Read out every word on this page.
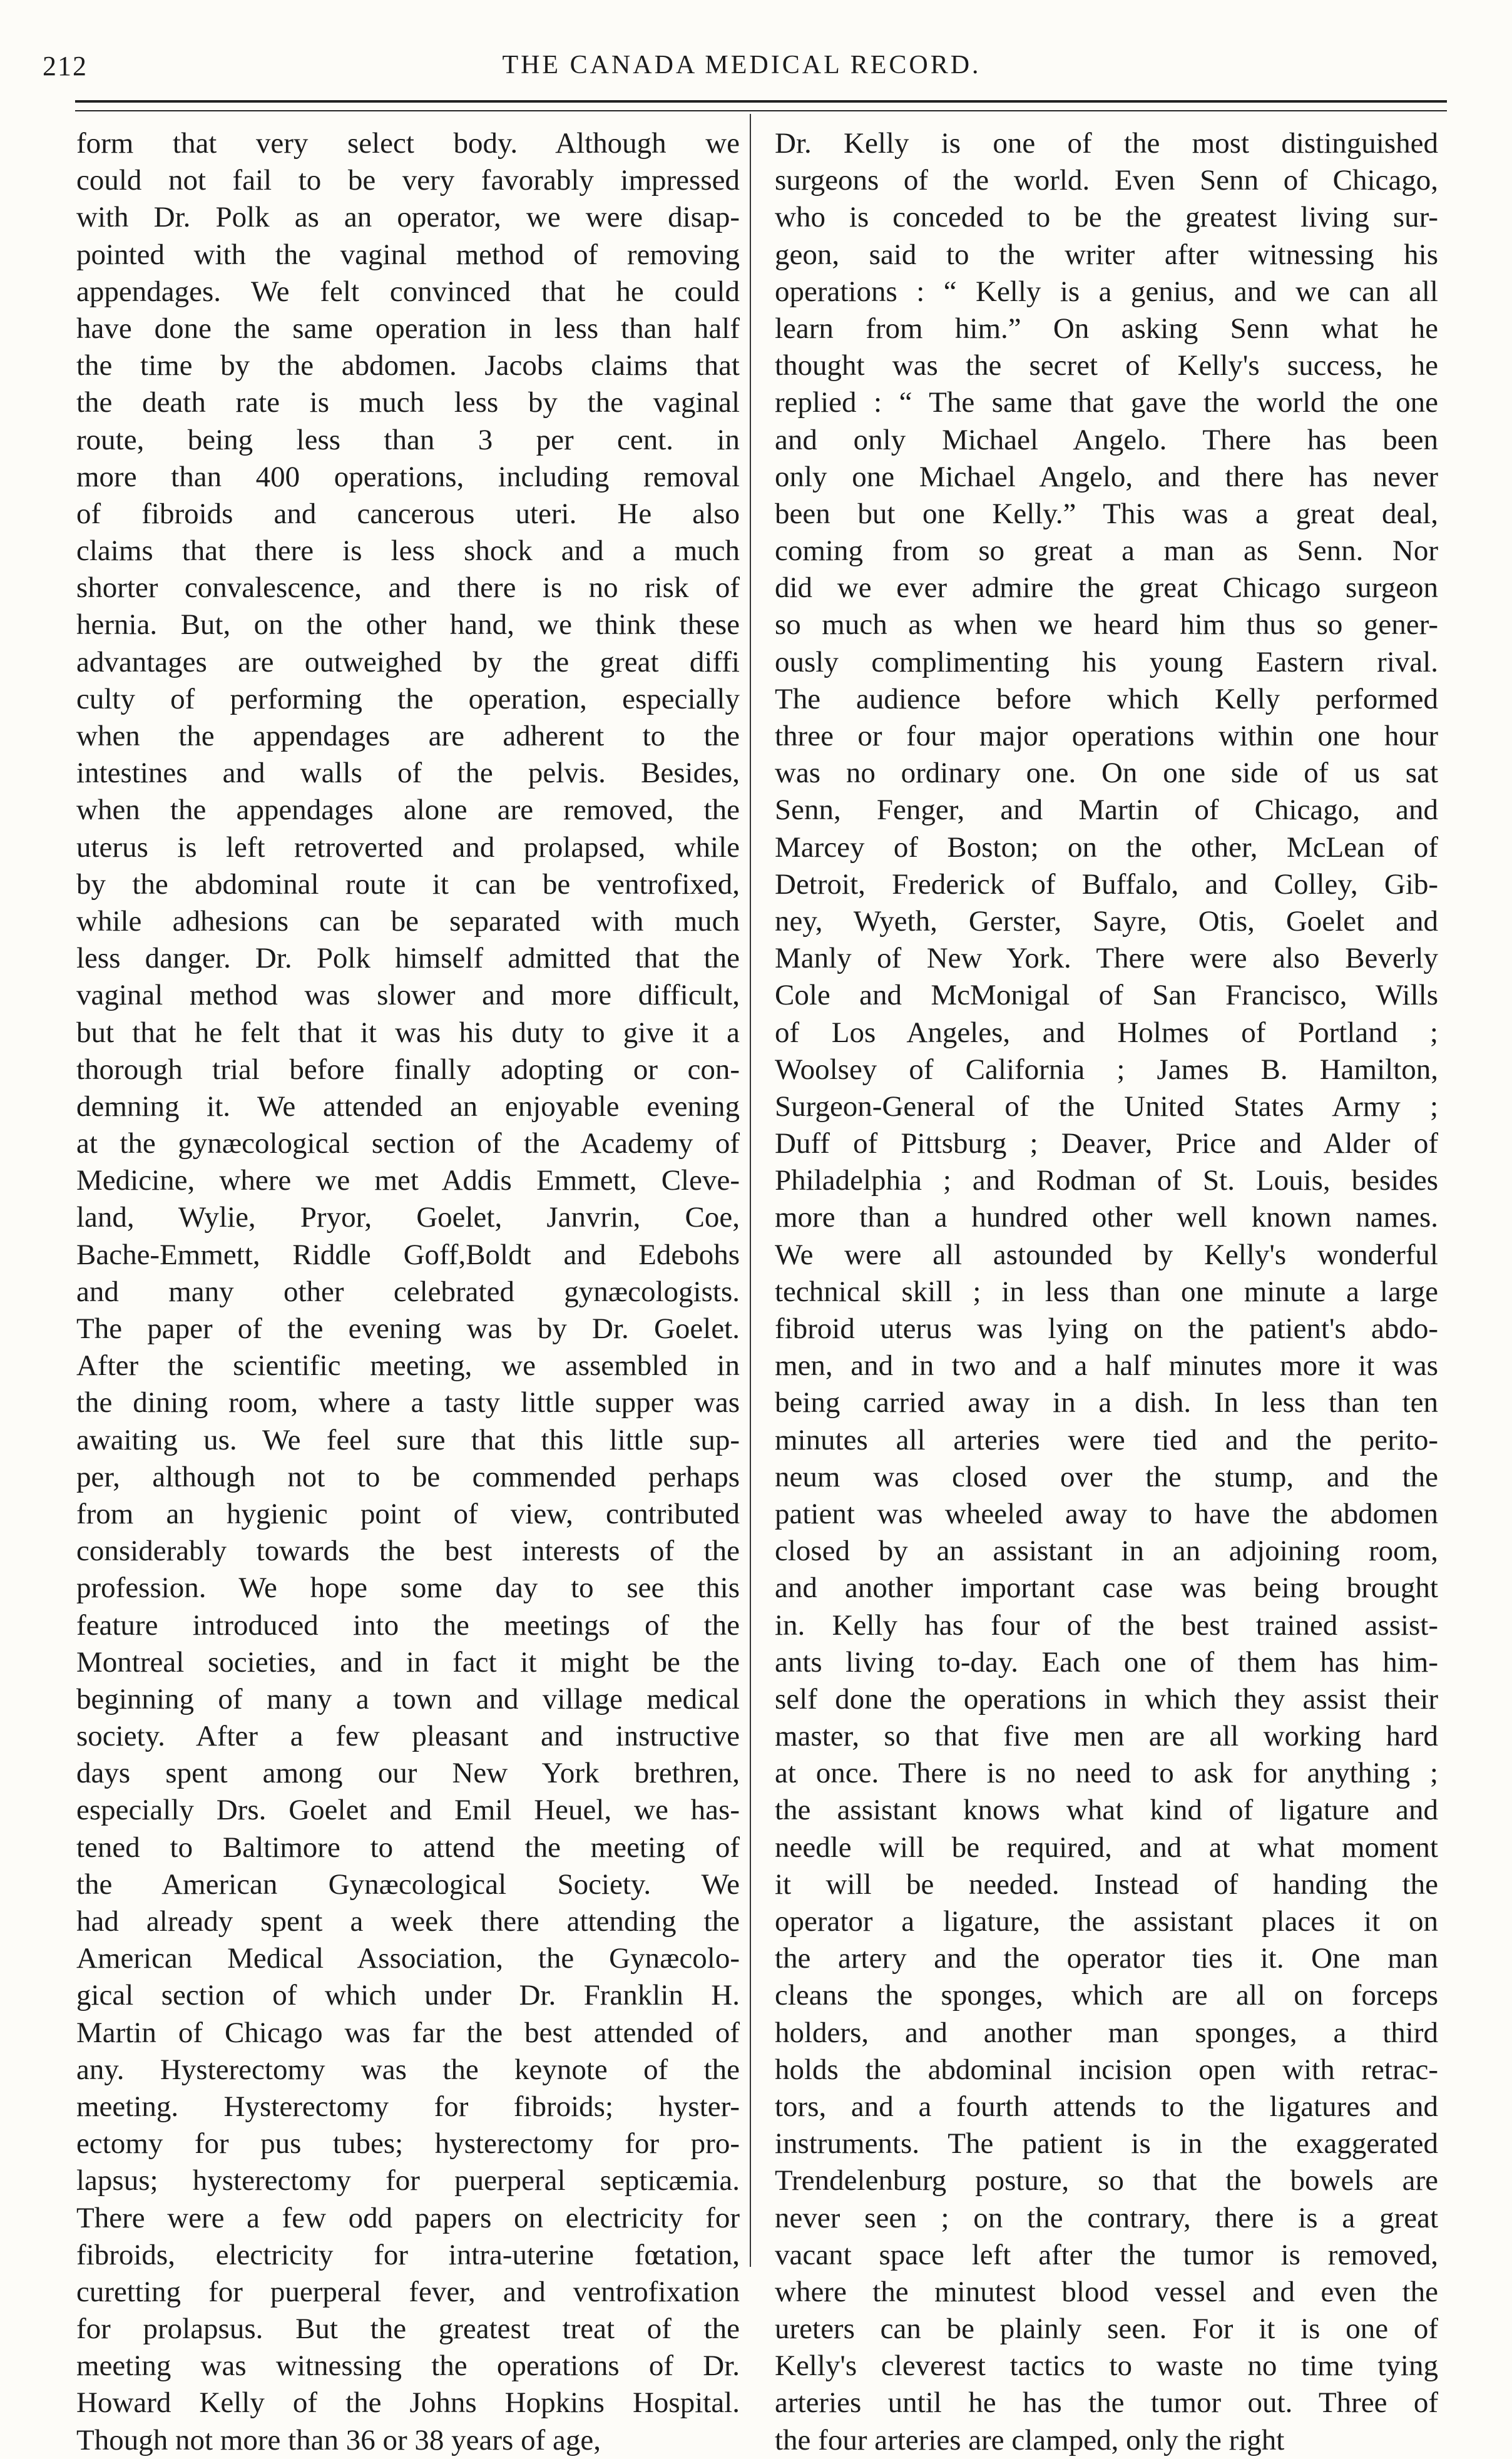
212	THE CANADA MEDICAL RECORD.
form that very select body. Although we
could not fail to be very favorably impressed
with Dr. Polk as an operator, we were disap-
pointed with the vaginal method of removing
appendages. We felt convinced that he could
have done the same operation in less than half
the time by the abdomen. Jacobs claims that
the death rate is much less by the vaginal
route, being less than 3 per cent. in
more than 400 operations, including removal
of fibroids and cancerous uteri. He also
claims that there is less shock and a much
shorter convalescence, and there is no risk of
hernia. But, on the other hand, we think these
advantages are outweighed by the great diffi
culty of performing the operation, especially
when the appendages are adherent to the
intestines and walls of the pelvis. Besides,
when the appendages alone are removed, the
uterus is left retroverted and prolapsed, while
by the abdominal route it can be ventrofixed,
while adhesions can be separated with much
less danger. Dr. Polk himself admitted that the
vaginal method was slower and more difficult,
but that he felt that it was his duty to give it a
thorough trial before finally adopting or con-
demning it. We attended an enjoyable evening
at the gynæcological section of the Academy of
Medicine, where we met Addis Emmett, Cleve-
land, Wylie, Pryor, Goelet, Janvrin, Coe,
Bache-Emmett, Riddle Goff,Boldt and Edebohs
and many other celebrated gynæcologists.
The paper of the evening was by Dr. Goelet.
After the scientific meeting, we assembled in
the dining room, where a tasty little supper was
awaiting us. We feel sure that this little sup-
per, although not to be commended perhaps
from an hygienic point of view, contributed
considerably towards the best interests of the
profession. We hope some day to see this
feature introduced into the meetings of the
Montreal societies, and in fact it might be the
beginning of many a town and village medical
society. After a few pleasant and instructive
days spent among our New York brethren,
especially Drs. Goelet and Emil Heuel, we has-
tened to Baltimore to attend the meeting of
the American Gynæcological Society. We
had already spent a week there attending the
American Medical Association, the Gynæcolo-
gical section of which under Dr. Franklin H.
Martin of Chicago was far the best attended of
any. Hysterectomy was the keynote of the
meeting. Hysterectomy for fibroids; hyster-
ectomy for pus tubes; hysterectomy for pro-
lapsus; hysterectomy for puerperal septicæmia.
There were a few odd papers on electricity for
fibroids, electricity for intra-uterine fœtation,
curetting for puerperal fever, and ventrofixation
for prolapsus. But the greatest treat of the
meeting was witnessing the operations of Dr.
Howard Kelly of the Johns Hopkins Hospital.
Though not more than 36 or 38 years of age,
Dr. Kelly is one of the most distinguished
surgeons of the world. Even Senn of Chicago,
who is conceded to be the greatest living sur-
geon, said to the writer after witnessing his
operations : “ Kelly is a genius, and we can all
learn from him.” On asking Senn what he
thought was the secret of Kelly's success, he
replied : “ The same that gave the world the one
and only Michael Angelo. There has been
only one Michael Angelo, and there has never
been but one Kelly.” This was a great deal,
coming from so great a man as Senn. Nor
did we ever admire the great Chicago surgeon
so much as when we heard him thus so gener-
ously complimenting his young Eastern rival.
The audience before which Kelly performed
three or four major operations within one hour
was no ordinary one. On one side of us sat
Senn, Fenger, and Martin of Chicago, and
Marcey of Boston; on the other, McLean of
Detroit, Frederick of Buffalo, and Colley, Gib-
ney, Wyeth, Gerster, Sayre, Otis, Goelet and
Manly of New York. There were also Beverly
Cole and McMonigal of San Francisco, Wills
of Los Angeles, and Holmes of Portland ;
Woolsey of California ; James B. Hamilton,
Surgeon-General of the United States Army ;
Duff of Pittsburg ; Deaver, Price and Alder of
Philadelphia ; and Rodman of St. Louis, besides
more than a hundred other well known names.
We were all astounded by Kelly's wonderful
technical skill ; in less than one minute a large
fibroid uterus was lying on the patient's abdo-
men, and in two and a half minutes more it was
being carried away in a dish. In less than ten
minutes all arteries were tied and the perito-
neum was closed over the stump, and the
patient was wheeled away to have the abdomen
closed by an assistant in an adjoining room,
and another important case was being brought
in. Kelly has four of the best trained assist-
ants living to-day. Each one of them has him-
self done the operations in which they assist their
master, so that five men are all working hard
at once. There is no need to ask for anything ;
the assistant knows what kind of ligature and
needle will be required, and at what moment
it will be needed. Instead of handing the
operator a ligature, the assistant places it on
the artery and the operator ties it. One man
cleans the sponges, which are all on forceps
holders, and another man sponges, a third
holds the abdominal incision open with retrac-
tors, and a fourth attends to the ligatures and
instruments. The patient is in the exaggerated
Trendelenburg posture, so that the bowels are
never seen ; on the contrary, there is a great
vacant space left after the tumor is removed,
where the minutest blood vessel and even the
ureters can be plainly seen. For it is one of
Kelly's cleverest tactics to waste no time tying
arteries until he has the tumor out. Three of
the four arteries are clamped, only the right
